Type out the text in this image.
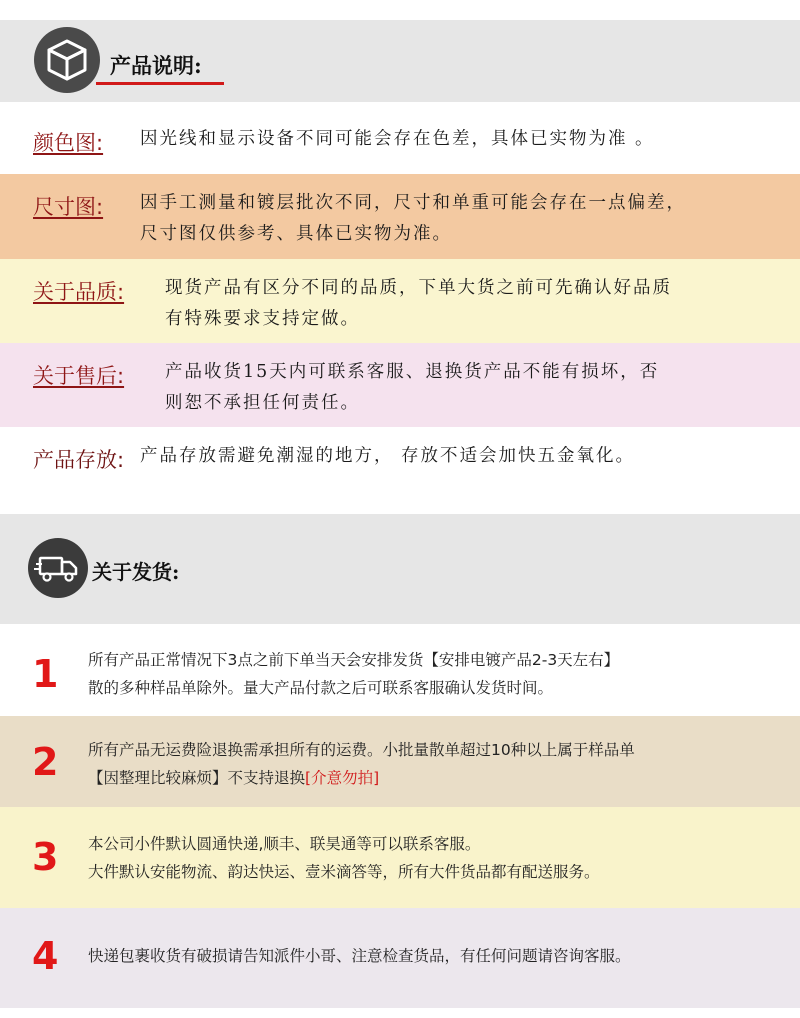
产品说明:
颜色图: 因光线和显示设备不同可能会存在色差，具体已实物为准 。
尺寸图: 因手工测量和镀层批次不同，尺寸和单重可能会存在一点偏差，
尺寸图仅供参考、具体已实物为准。
关于品质: 现货产品有区分不同的品质，下单大货之前可先确认好品质
有特殊要求支持定做。
关于售后: 产品收货15天内可联系客服、退换货产品不能有损坏，否
则恕不承担任何责任。
产品存放: 产品存放需避免潮湿的地方， 存放不适会加快五金氧化。
关于发货:
1 所有产品正常情况下3点之前下单当天会安排发货【安排电镀产品2-3天左右】
散的多种样品单除外。量大产品付款之后可联系客服确认发货时间。
2 所有产品无运费险退换需承担所有的运费。小批量散单超过10种以上属于样品单
【因整理比较麻烦】不支持退换[介意勿拍]
3 本公司小件默认圆通快递,顺丰、联昊通等可以联系客服。
大件默认安能物流、韵达快运、壹米滴答等，所有大件货品都有配送服务。
4 快递包裹收货有破损请告知派件小哥、注意检查货品，有任何问题请咨询客服。
